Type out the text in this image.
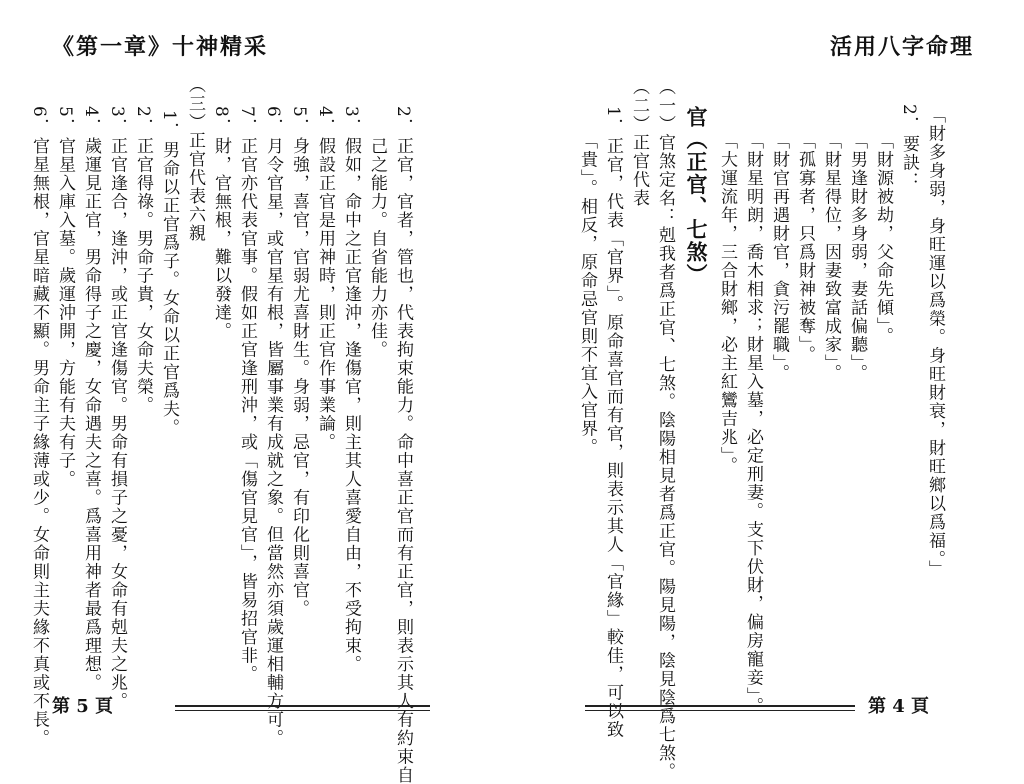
《第一章》十神精采	活用八字命理
2．正官，官者，管也，代表拘束能力。命中喜正官而有正官，則表示其人有約束自
己之能力。自省能力亦佳。
3．假如，命中之正官逢沖，逢傷官，則主其人喜愛自由，不受拘束。
4．假設正官是用神時，則正官作事業論。
5．身強，喜官，官弱尤喜財生。身弱，忌官，有印化則喜官。
6．月令官星，或官星有根，皆屬事業有成就之象。但當然亦須歲運相輔方可。
7．正官亦代表官事。假如正官逢刑沖，或「傷官見官」，皆易招官非。
8．財，官無根，難以發達。
（三）正官代表六親
1．男命以正官爲子。女命以正官爲夫。
2．正官得祿。男命子貴，女命夫榮。
3．正官逢合，逢沖，或正官逢傷官。男命有損子之憂，女命有剋夫之兆。
4．歲運見正官，男命得子之慶，女命遇夫之喜。爲喜用神者最爲理想。
5．官星入庫入墓。歲運沖開，方能有夫有子。
6．官星無根，官星暗藏不顯。男命主子緣薄或少。女命則主夫緣不真或不長。	「財多身弱，身旺運以爲榮。身旺財衰，財旺鄉以爲福。」
2．要訣：
「財源被劫，父命先傾」。
「男逢財多身弱，妻話偏聽」。
「財星得位，因妻致富成家」。
「孤寡者，只爲財神被奪」。
「財官再遇財官，貪污罷職」。
「財星明朗，喬木相求；財星入墓，必定刑妻。支下伏財，偏房寵妾」。
「大運流年，三合財鄉，必主紅鸞吉兆」。
官（正官、七煞）
（一）官煞定名：剋我者爲正官、七煞。陰陽相見者爲正官。陽見陽，陰見陰爲七煞。
（二）正官代表
1．正官，代表「官界」。原命喜官而有官，則表示其人「官緣」較佳，可以致
「貴」。相反，原命忌官則不宜入官界。
第 5 頁	第 4 頁
